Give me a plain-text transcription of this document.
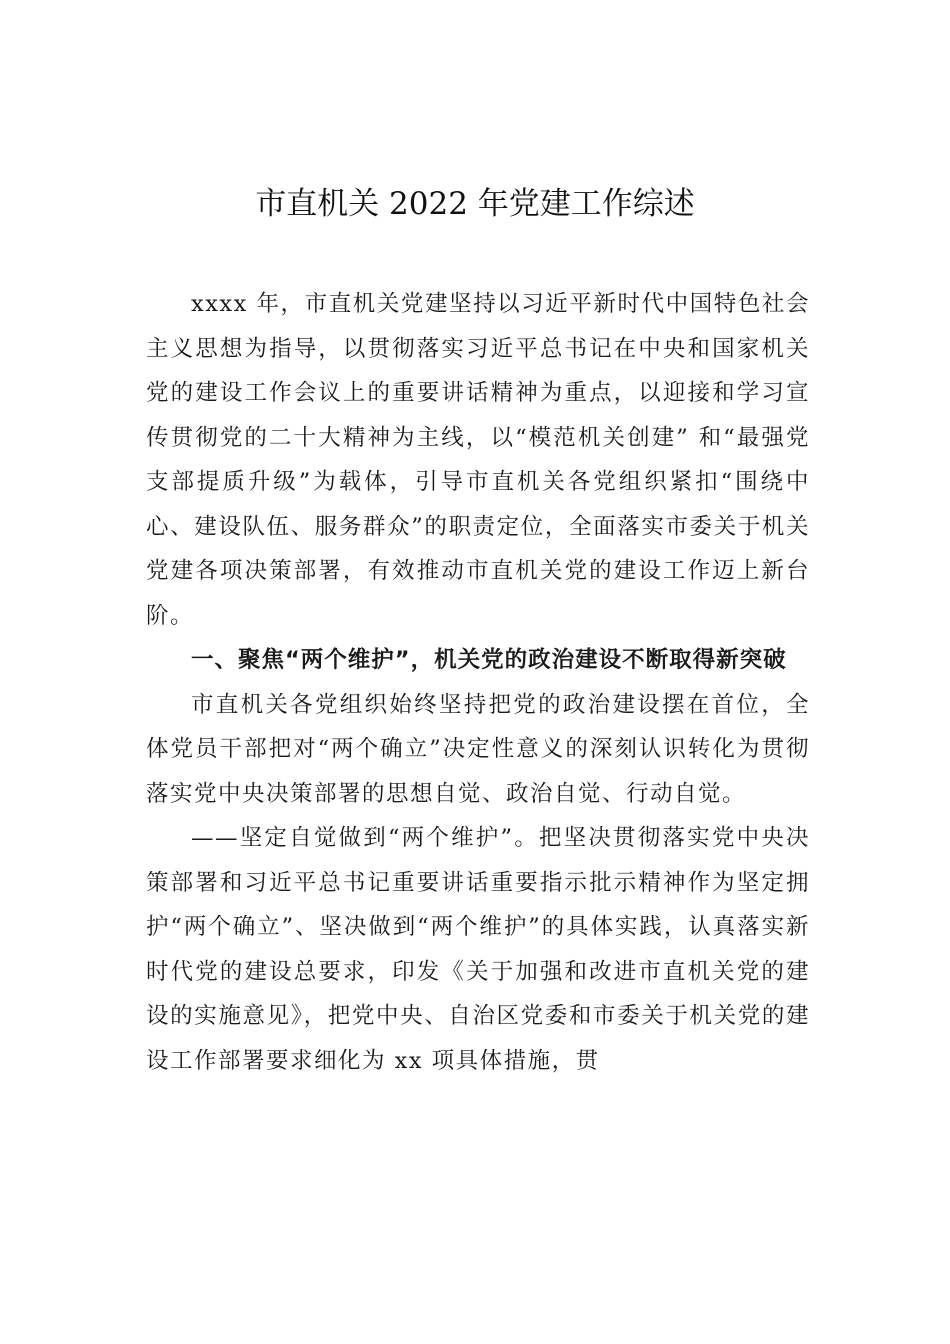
市直机关 2022 年党建工作综述

xxxx 年，市直机关党建坚持以习近平新时代中国特色社会主义思想为指导，以贯彻落实习近平总书记在中央和国家机关党的建设工作会议上的重要讲话精神为重点，以迎接和学习宣传贯彻党的二十大精神为主线，以“模范机关创建” 和“最强党支部提质升级”为载体，引导市直机关各党组织紧扣“围绕中心、建设队伍、服务群众”的职责定位，全面落实市委关于机关党建各项决策部署，有效推动市直机关党的建设工作迈上新台阶。

一、聚焦“两个维护”，机关党的政治建设不断取得新突破

市直机关各党组织始终坚持把党的政治建设摆在首位，全体党员干部把对“两个确立”决定性意义的深刻认识转化为贯彻落实党中央决策部署的思想自觉、政治自觉、行动自觉。

——坚定自觉做到“两个维护”。把坚决贯彻落实党中央决策部署和习近平总书记重要讲话重要指示批示精神作为坚定拥护“两个确立”、坚决做到“两个维护”的具体实践，认真落实新时代党的建设总要求，印发《关于加强和改进市直机关党的建设的实施意见》，把党中央、自治区党委和市委关于机关党的建设工作部署要求细化为 xx 项具体措施，贯
